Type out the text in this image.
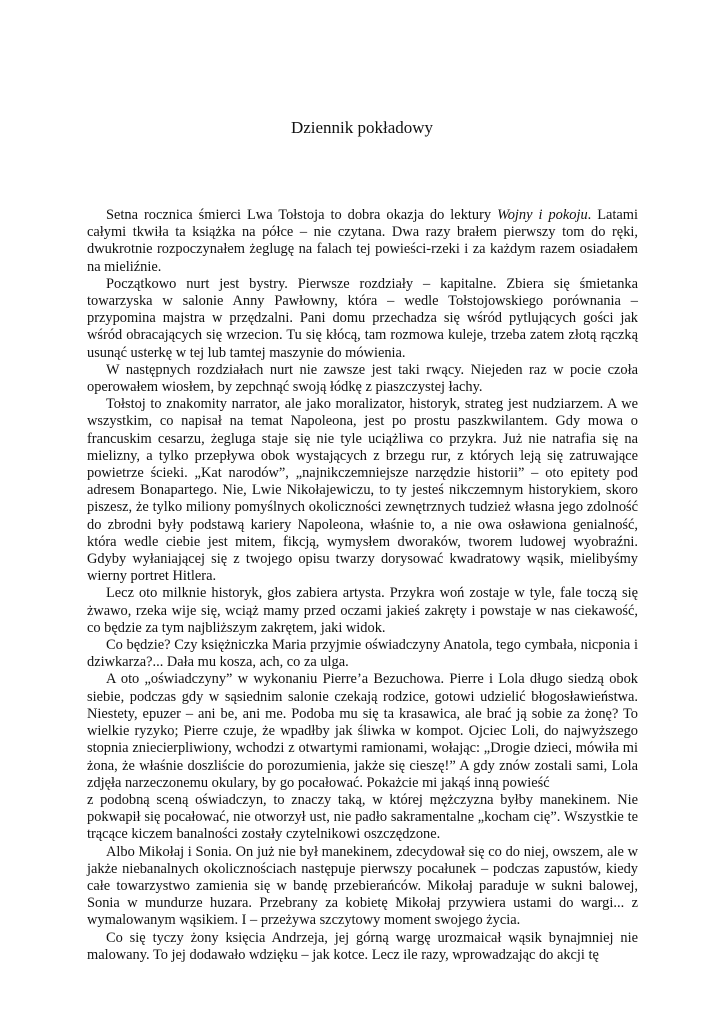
Dziennik pokładowy

Setna rocznica śmierci Lwa Tołstoja to dobra okazja do lektury Wojny i pokoju. Latami całymi tkwiła ta książka na półce – nie czytana. Dwa razy brałem pierwszy tom do ręki, dwukrotnie rozpoczynałem żeglugę na falach tej powieści-rzeki i za każdym razem osiadałem na mieliźnie.

Początkowo nurt jest bystry. Pierwsze rozdziały – kapitalne. Zbiera się śmietanka towarzyska w salonie Anny Pawłowny, która – wedle Tołstojowskiego porównania – przypomina majstra w przędzalni. Pani domu przechadza się wśród pytlujących gości jak wśród obracających się wrzecion. Tu się kłócą, tam rozmowa kuleje, trzeba zatem złotą rączką usunąć usterkę w tej lub tamtej maszynie do mówienia.

W następnych rozdziałach nurt nie zawsze jest taki rwący. Niejeden raz w pocie czoła operowałem wiosłem, by zepchnąć swoją łódkę z piaszczystej łachy.

Tołstoj to znakomity narrator, ale jako moralizator, historyk, strateg jest nudziarzem. A we wszystkim, co napisał na temat Napoleona, jest po prostu paszkwilantem. Gdy mowa o francuskim cesarzu, żegluga staje się nie tyle uciążliwa co przykra. Już nie natrafia się na mielizny, a tylko przepływa obok wystających z brzegu rur, z których leją się zatruwające powietrze ścieki. „Kat narodów”, „najnikczemniejsze narzędzie historii” – oto epitety pod adresem Bonapartego. Nie, Lwie Nikołajewiczu, to ty jesteś nikczemnym historykiem, skoro piszesz, że tylko miliony pomyślnych okoliczności zewnętrznych tudzież własna jego zdolność do zbrodni były podstawą kariery Napoleona, właśnie to, a nie owa osławiona genialność, która wedle ciebie jest mitem, fikcją, wymysłem dworaków, tworem ludowej wyobraźni. Gdyby wyłaniającej się z twojego opisu twarzy dorysować kwadratowy wąsik, mielibyśmy wierny portret Hitlera.

Lecz oto milknie historyk, głos zabiera artysta. Przykra woń zostaje w tyle, fale toczą się żwawo, rzeka wije się, wciąż mamy przed oczami jakieś zakręty i powstaje w nas ciekawość, co będzie za tym najbliższym zakrętem, jaki widok.

Co będzie? Czy księżniczka Maria przyjmie oświadczyny Anatola, tego cymbała, nicponia i dziwkarza?... Dała mu kosza, ach, co za ulga.

A oto „oświadczyny” w wykonaniu Pierre’a Bezuchowa. Pierre i Lola długo siedzą obok siebie, podczas gdy w sąsiednim salonie czekają rodzice, gotowi udzielić błogosławieństwa. Niestety, epuzer – ani be, ani me. Podoba mu się ta krasawica, ale brać ją sobie za żonę? To wielkie ryzyko; Pierre czuje, że wpadłby jak śliwka w kompot. Ojciec Loli, do najwyższego stopnia zniecierpliwiony, wchodzi z otwartymi ramionami, wołając: „Drogie dzieci, mówiła mi żona, że właśnie doszliście do porozumienia, jakże się cieszę!” A gdy znów zostali sami, Lola zdjęła narzeczonemu okulary, by go pocałować. Pokażcie mi jakąś inną powieść

z podobną sceną oświadczyn, to znaczy taką, w której mężczyzna byłby manekinem. Nie pokwapił się pocałować, nie otworzył ust, nie padło sakramentalne „kocham cię”. Wszystkie te trącące kiczem banalności zostały czytelnikowi oszczędzone.

Albo Mikołaj i Sonia. On już nie był manekinem, zdecydował się co do niej, owszem, ale w jakże niebanalnych okolicznościach następuje pierwszy pocałunek – podczas zapustów, kiedy całe towarzystwo zamienia się w bandę przebierańców. Mikołaj paraduje w sukni balowej, Sonia w mundurze huzara. Przebrany za kobietę Mikołaj przywiera ustami do wargi... z wymalowanym wąsikiem. I – przeżywa szczytowy moment swojego życia.

Co się tyczy żony księcia Andrzeja, jej górną wargę urozmaicał wąsik bynajmniej nie malowany. To jej dodawało wdzięku – jak kotce. Lecz ile razy, wprowadzając do akcji tę
